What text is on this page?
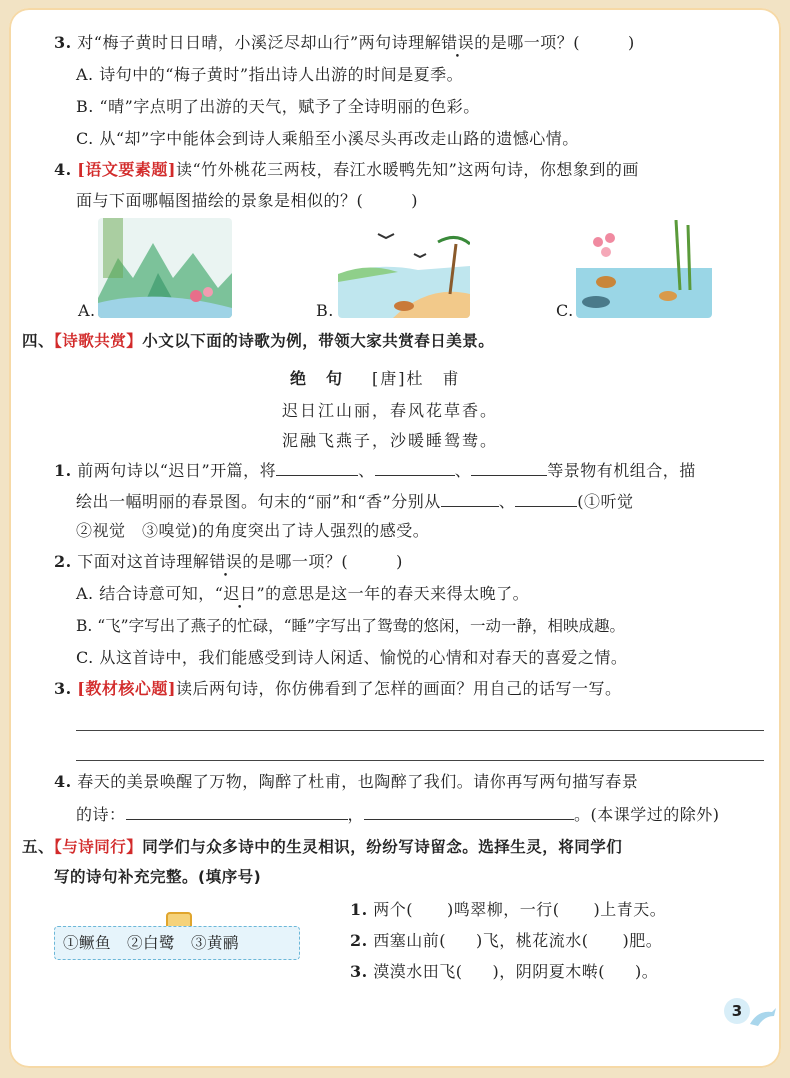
3. 对“梅子黄时日日晴，小溪泛尽却山行”两句诗理解错误的是哪一项？(	)
A. 诗句中的“梅子黄时”指出诗人出游的时间是夏季。
B. “晴”字点明了出游的天气，赋予了全诗明丽的色彩。
C. 从“却”字中能体会到诗人乘船至小溪尽头再改走山路的遗憾心情。
4. [语文要素题]读“竹外桃花三两枝，春江水暖鸭先知”这两句诗，你想象到的画
面与下面哪幅图描绘的景象是相似的？(	)
A.	B.	C.
四、【诗歌共赏】小文以下面的诗歌为例，带领大家共赏春日美景。
绝　句 [唐]杜　甫
迟日江山丽，春风花草香。
泥融飞燕子，沙暖睡鸳鸯。
1. 前两句诗以“迟日”开篇，将	、	、	等景物有机组合，描
绘出一幅明丽的春景图。句末的“丽”和“香”分别从	、	(①听觉
②视觉　③嗅觉)的角度突出了诗人强烈的感受。
2. 下面对这首诗理解错误的是哪一项？(	)
A. 结合诗意可知，“迟日”的意思是这一年的春天来得太晚了。
B. “飞”字写出了燕子的忙碌，“睡”字写出了鸳鸯的悠闲，一动一静，相映成趣。
C. 从这首诗中，我们能感受到诗人闲适、愉悦的心情和对春天的喜爱之情。
3. [教材核心题]读后两句诗，你仿佛看到了怎样的画面？用自己的话写一写。
4. 春天的美景唤醒了万物，陶醉了杜甫，也陶醉了我们。请你再写两句描写春景
的诗：	，	。(本课学过的除外)
五、【与诗同行】同学们与众多诗中的生灵相识，纷纷写诗留念。选择生灵，将同学们
写的诗句补充完整。(填序号)
①鳜鱼　②白鹭　③黄鹂
1. 两个( )鸣翠柳，一行( )上青天。
2. 西塞山前( )飞，桃花流水( )肥。
3. 漠漠水田飞( )，阴阴夏木啭( )。
3
